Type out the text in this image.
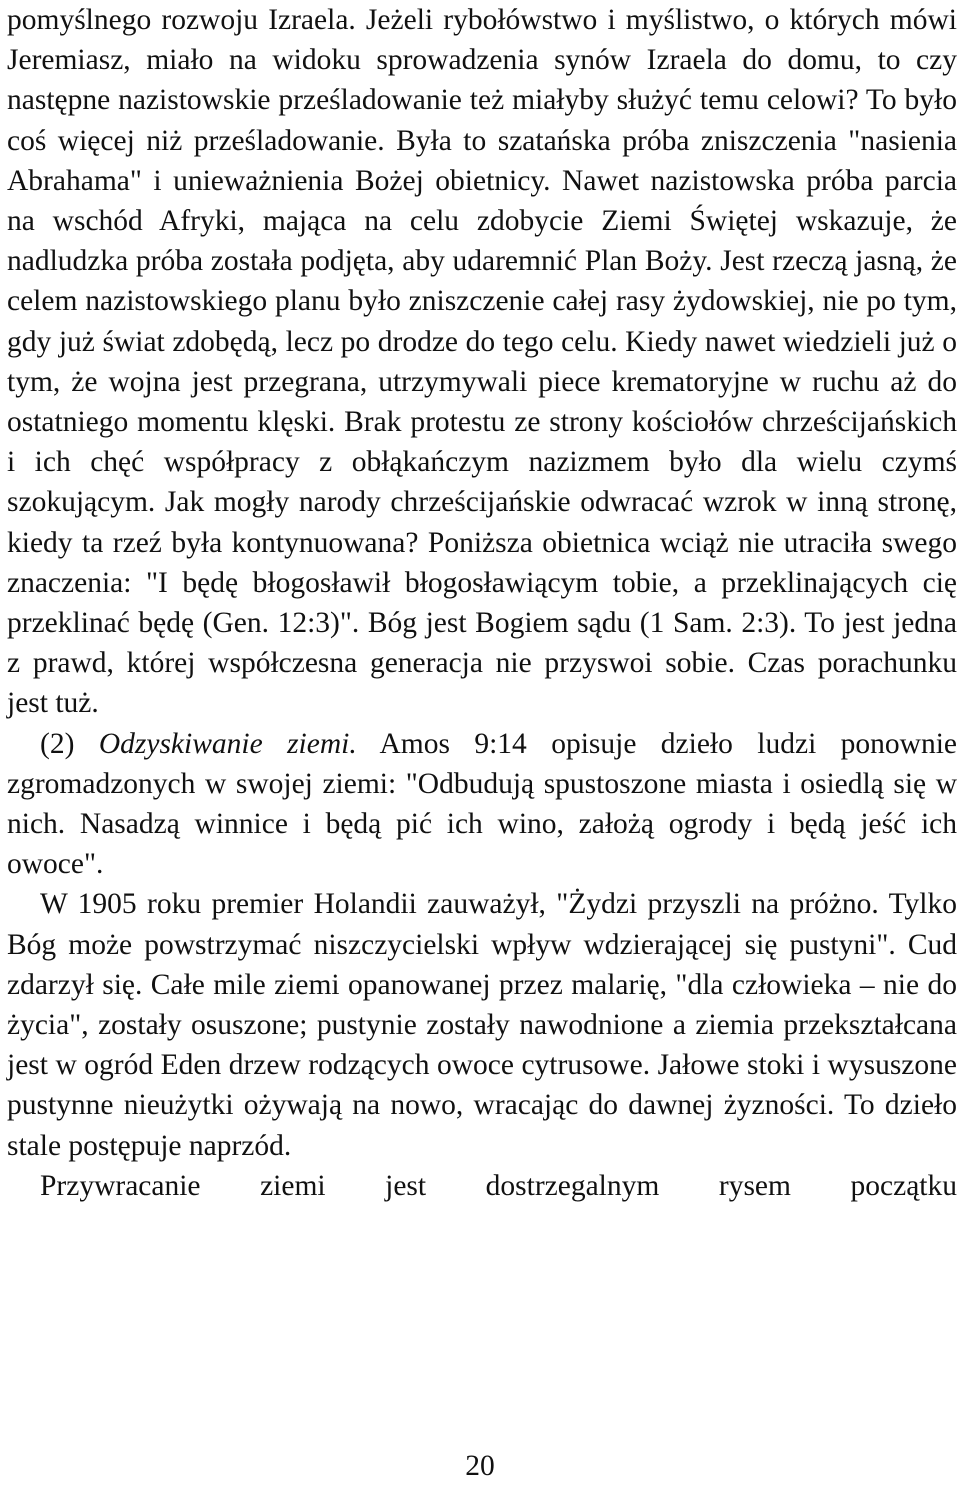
pomyślnego rozwoju Izraela. Jeżeli rybołówstwo i myślistwo, o których mówi Jeremiasz, miało na widoku sprowadzenia synów Izraela do domu, to czy następne nazistowskie prześladowanie też miałyby służyć temu celowi? To było coś więcej niż prześladowanie. Była to szatańska próba zniszczenia "nasienia Abrahama" i unieważnienia Bożej obietnicy. Nawet nazistowska próba parcia na wschód Afryki, mająca na celu zdobycie Ziemi Świętej wskazuje, że nadludzka próba została podjęta, aby udaremnić Plan Boży. Jest rzeczą jasną, że celem nazistowskiego planu było zniszczenie całej rasy żydowskiej, nie po tym, gdy już świat zdobędą, lecz po drodze do tego celu. Kiedy nawet wiedzieli już o tym, że wojna jest przegrana, utrzymywali piece krematoryjne w ruchu aż do ostatniego momentu klęski. Brak protestu ze strony kościołów chrześcijańskich i ich chęć współpracy z obłąkańczym nazizmem było dla wielu czymś szokującym. Jak mogły narody chrześcijańskie odwracać wzrok w inną stronę, kiedy ta rzeź była kontynuowana? Poniższa obietnica wciąż nie utraciła swego znaczenia: "I będę błogosławił błogosławiącym tobie, a przeklinających cię przeklinać będę (Gen. 12:3)". Bóg jest Bogiem sądu (1 Sam. 2:3). To jest jedna z prawd, której współczesna generacja nie przyswoi sobie. Czas porachunku jest tuż.

(2) Odzyskiwanie ziemi. Amos 9:14 opisuje dzieło ludzi ponownie zgromadzonych w swojej ziemi: "Odbudują spustoszone miasta i osiedlą się w nich. Nasadzą winnice i będą pić ich wino, założą ogrody i będą jeść ich owoce".

W 1905 roku premier Holandii zauważył, "Żydzi przyszli na próżno. Tylko Bóg może powstrzymać niszczycielski wpływ wdzierającej się pustyni". Cud zdarzył się. Całe mile ziemi opanowanej przez malarię, "dla człowieka – nie do życia", zostały osuszone; pustynie zostały nawodnione a ziemia przekształcana jest w ogród Eden drzew rodzących owoce cytrusowe. Jałowe stoki i wysuszone pustynne nieużytki ożywają na nowo, wracając do dawnej żyzności. To dzieło stale postępuje naprzód.

Przywracanie ziemi jest dostrzegalnym rysem początku

20
